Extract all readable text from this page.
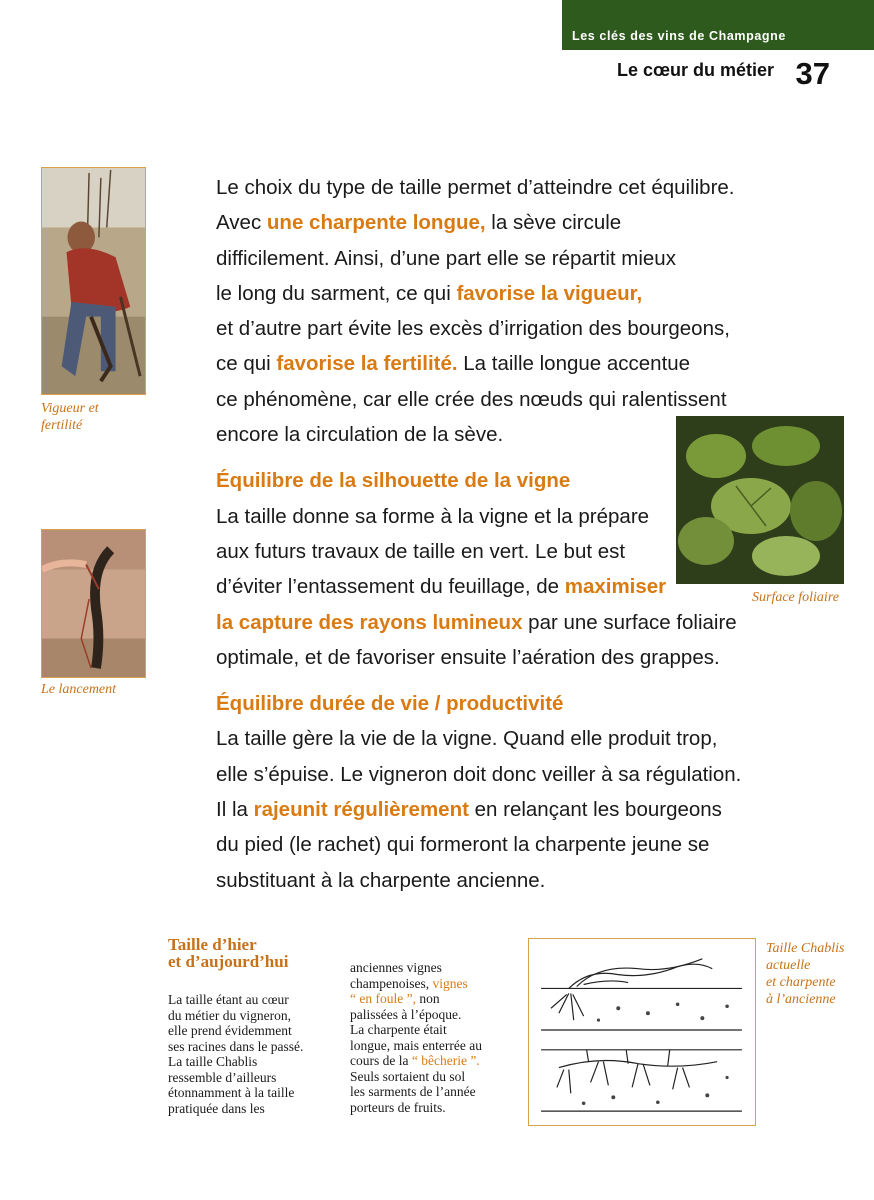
Les clés des vins de Champagne
Le cœur du métier 37
Vigueur et
fertilité
Le lancement
Surface foliaire
Le choix du type de taille permet d’atteindre cet équilibre.
Avec une charpente longue, la sève circule
difficilement. Ainsi, d’une part elle se répartit mieux
le long du sarment, ce qui favorise la vigueur,
et d’autre part évite les excès d’irrigation des bourgeons,
ce qui favorise la fertilité. La taille longue accentue
ce phénomène, car elle crée des nœuds qui ralentissent
encore la circulation de la sève.
Équilibre de la silhouette de la vigne
La taille donne sa forme à la vigne et la prépare
aux futurs travaux de taille en vert. Le but est
d’éviter l’entassement du feuillage, de maximiser
la capture des rayons lumineux par une surface foliaire
optimale, et de favoriser ensuite l’aération des grappes.
Équilibre durée de vie / productivité
La taille gère la vie de la vigne. Quand elle produit trop,
elle s’épuise. Le vigneron doit donc veiller à sa régulation.
Il la rajeunit régulièrement en relançant les bourgeons
du pied (le rachet) qui formeront la charpente jeune se
substituant à la charpente ancienne.
Taille d’hier
et d’aujourd’hui
La taille étant au cœur
du métier du vigneron,
elle prend évidemment
ses racines dans le passé.
La taille Chablis
ressemble d’ailleurs
étonnamment à la taille
pratiquée dans les
anciennes vignes
champenoises, vignes
“ en foule ”, non
palissées à l’époque.
La charpente était
longue, mais enterrée au
cours de la “ bêcherie ”.
Seuls sortaient du sol
les sarments de l’année
porteurs de fruits.
Taille Chablis
actuelle
et charpente
à l’ancienne
